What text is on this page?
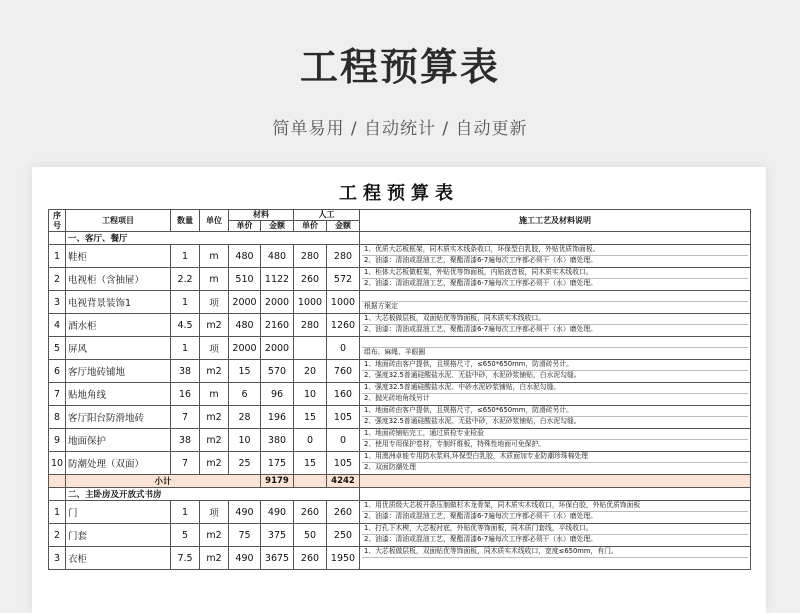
工程预算表
简单易用 / 自动统计 / 自动更新
工程预算表
序号	工程项目	数量	单位	材料		人工		施工工艺及材料说明
				单价	金额	单价	金额	
	一、客厅、餐厅							
1	鞋柜	1	m	480	480	280	280	1、优质大芯板框架，同木质实木线条收口，环保型白乳胶，外贴优质饰面板。
2、油漆：清油或混油工艺，聚酯清漆6-7遍每次工序都必须干（水）磨处理。

2	电视柜（含抽屉）	2.2	m	510	1122	260	572	1、柜体大芯板做框架，外贴优等饰面板，内贴波音板，同木质实木线收口。
2、油漆：清油或混油工艺，聚酯清漆6-7遍每次工序都必须干（水）磨处理。

3	电视背景装饰1	1	项	2000	2000	1000	1000	根据方案定

4	酒水柜	4.5	m2	480	2160	280	1260	1、大芯板做层板，双面贴优等饰面板，同木质实木线收口。
2、油漆：清油或混油工艺，聚酯清漆6-7遍每次工序都必须干（水）磨处理。

5	屏风	1	项	2000	2000		0	绢布、麻绳、羊眼圈

6	客厅地砖铺地	38	m2	15	570	20	760	1、地面砖由客户提供，且规格尺寸，≤650*650mm，防滑砖另计。
2、强度32.5普通硅酸盐水泥、无盐中砂，水泥砂浆铺贴，白水泥勾缝。

7	贴地角线	16	m	6	96	10	160	1、强度32.5普通硅酸盐水泥、中砂水泥砂浆铺贴，白水泥勾缝。
2、抛光砖地角线另计

8	客厅阳台防滑地砖	7	m2	28	196	15	105	1、地面砖由客户提供，且规格尺寸，≤650*650mm，防滑砖另计。
2、强度32.5普通硅酸盐水泥、无盐中砂，水泥砂浆铺贴，白水泥勾缝。

9	地面保护	38	m2	10	380	0	0	1、地面砖铺贴完工，通过质检专业检验
2、使用专用保护卷材，专制纤维板，特殊性地面可免保护。

10	防潮处理（双面）	7	m2	25	175	15	105	1、用澳洲卓能专用防水浆料,环保型白乳胶，木质面加专业防潮珍珠棉处理
2、双面防潮处理

	小计				9179		4242	
	二、主卧房及开放式书房							
1	门	1	项	490	490	260	260	1、用优质级大芯板开条压制做杉木龙骨架，同木质实木线收口，环保白胶，外贴优质饰面板
2、油漆：清油或混油工艺，聚酯清漆6-7遍每次工序都必须干（水）磨处理。

2	门套	5	m2	75	375	50	250	1、打孔下木楔，大芯板衬底，外贴优等饰面板，同木质门套线，平线收口。
2、油漆：清油或混油工艺，聚酯清漆6-7遍每次工序都必须干（水）磨处理。

3	衣柜	7.5	m2	490	3675	260	1950	1、大芯板做层板，双面贴优等饰面板，同木质实木线收口，宽度≤650mm，有门。
